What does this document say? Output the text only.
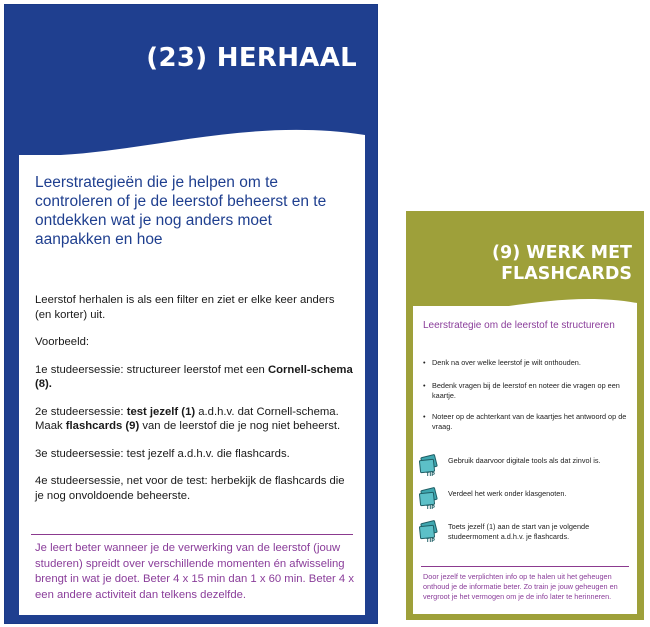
(23) HERHAAL
Leerstrategieën die je helpen om te controleren of je de leerstof beheerst en te ontdekken wat je nog anders moet aanpakken en hoe

Leerstof herhalen is als een filter en ziet er elke keer anders (en korter) uit.

Voorbeeld:

1e studeersessie: structureer leerstof met een Cornell-schema (8).

2e studeersessie: test jezelf (1) a.d.h.v. dat Cornell-schema. Maak flashcards (9) van de leerstof die je nog niet beheerst.

3e studeersessie: test jezelf a.d.h.v. die flashcards.

4e studeersessie, net voor de test: herbekijk de flashcards die je nog onvoldoende beheerste.

Je leert beter wanneer je de verwerking van de leerstof (jouw studeren) spreidt over verschillende momenten én afwisseling brengt in wat je doet. Beter 4 x 15 min dan 1 x 60 min. Beter 4 x een andere activiteit dan telkens dezelfde.
(9) WERK MET
FLASHCARDS
Leerstrategie om de leerstof te structureren
• Denk na over welke leerstof je wilt onthouden.
• Bedenk vragen bij de leerstof en noteer die vragen op een kaartje.
• Noteer op de achterkant van de kaartjes het antwoord op de vraag.
TIP
Gebruik daarvoor digitale tools als dat zinvol is.
TIP
Verdeel het werk onder klasgenoten.
TIP
Toets jezelf (1) aan de start van je volgende studeermoment a.d.h.v. je flashcards.
Door jezelf te verplichten info op te halen uit het geheugen onthoud je de informatie beter. Zo train je jouw geheugen en vergroot je het vermogen om je de info later te herinneren.
